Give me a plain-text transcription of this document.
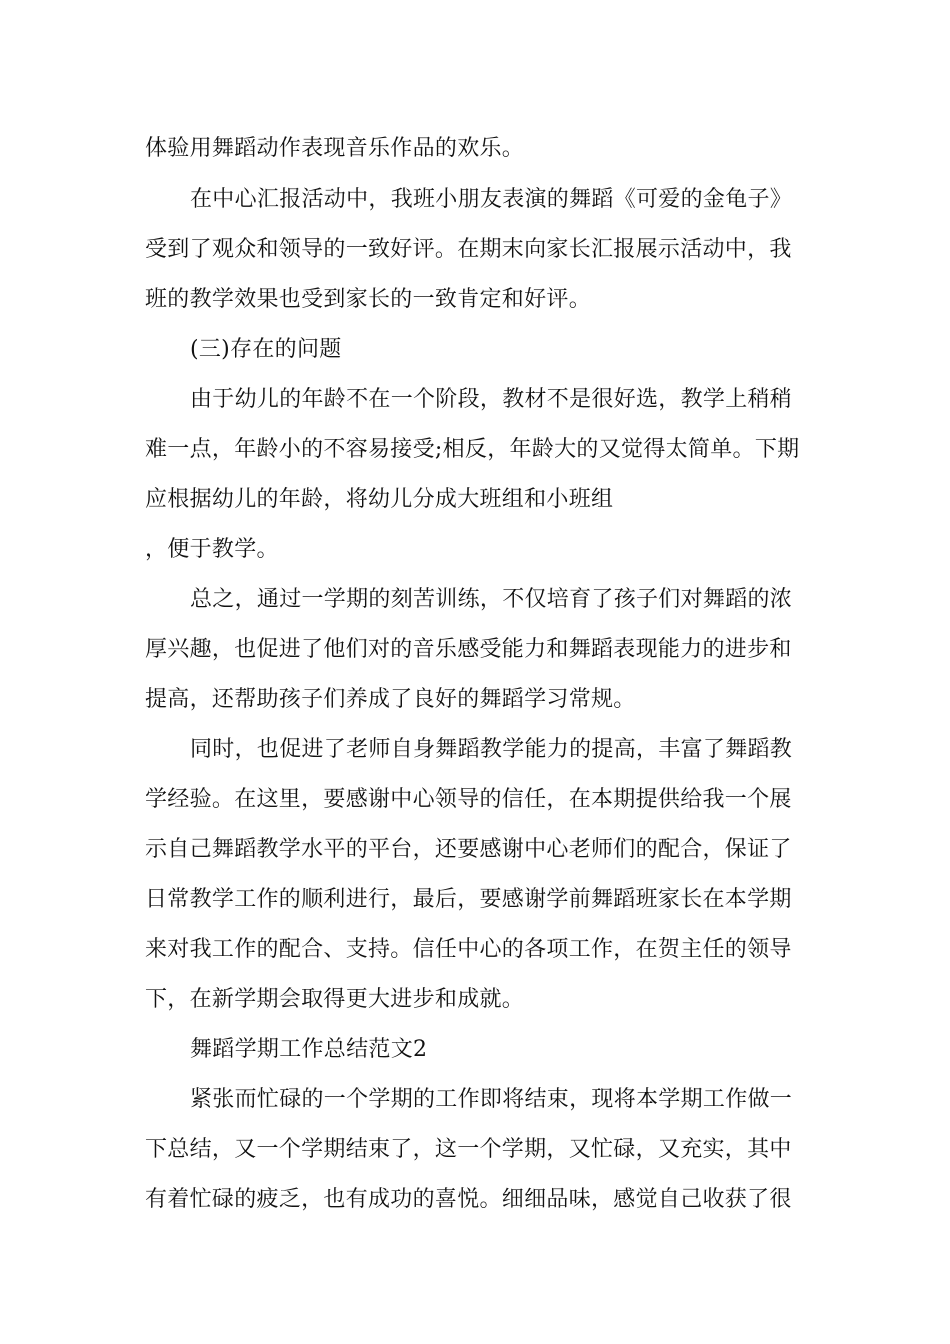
体验用舞蹈动作表现音乐作品的欢乐。
在中心汇报活动中，我班小朋友表演的舞蹈《可爱的金龟子》
受到了观众和领导的一致好评。在期末向家长汇报展示活动中，我
班的教学效果也受到家长的一致肯定和好评。
(三)存在的问题
由于幼儿的年龄不在一个阶段，教材不是很好选，教学上稍稍
难一点，年龄小的不容易接受;相反，年龄大的又觉得太简单。下期
应根据幼儿的年龄，将幼儿分成大班组和小班组
，便于教学。
总之，通过一学期的刻苦训练，不仅培育了孩子们对舞蹈的浓
厚兴趣，也促进了他们对的音乐感受能力和舞蹈表现能力的进步和
提高，还帮助孩子们养成了良好的舞蹈学习常规。
同时，也促进了老师自身舞蹈教学能力的提高，丰富了舞蹈教
学经验。在这里，要感谢中心领导的信任，在本期提供给我一个展
示自己舞蹈教学水平的平台，还要感谢中心老师们的配合，保证了
日常教学工作的顺利进行，最后，要感谢学前舞蹈班家长在本学期
来对我工作的配合、支持。信任中心的各项工作，在贺主任的领导
下，在新学期会取得更大进步和成就。
舞蹈学期工作总结范文2
紧张而忙碌的一个学期的工作即将结束，现将本学期工作做一
下总结，又一个学期结束了，这一个学期，又忙碌，又充实，其中
有着忙碌的疲乏，也有成功的喜悦。细细品味，感觉自己收获了很
